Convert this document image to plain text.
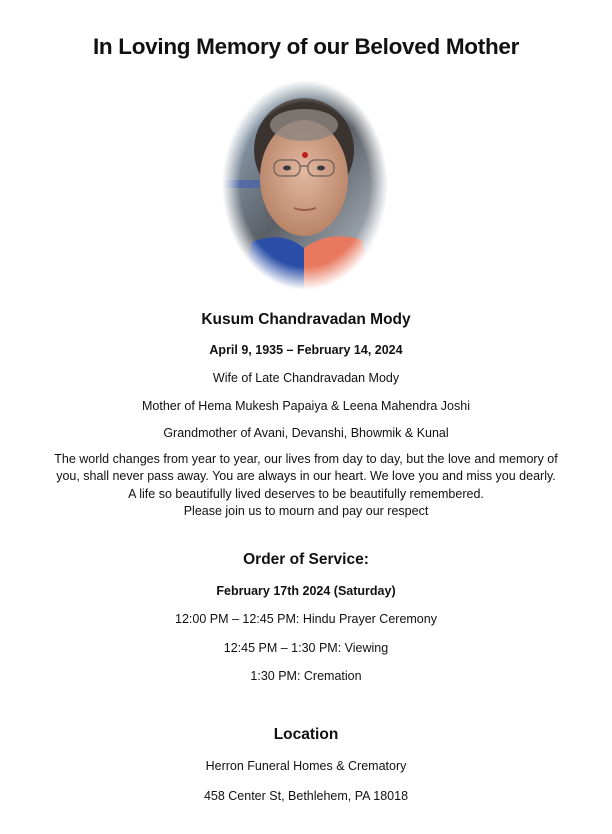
In Loving Memory of our Beloved Mother
Kusum Chandravadan Mody
April 9, 1935 – February 14, 2024
Wife of Late Chandravadan Mody
Mother of Hema Mukesh Papaiya & Leena Mahendra Joshi
Grandmother of Avani, Devanshi, Bhowmik & Kunal
The world changes from year to year, our lives from day to day, but the love and memory of
you, shall never pass away. You are always in our heart. We love you and miss you dearly.
A life so beautifully lived deserves to be beautifully remembered.
Please join us to mourn and pay our respect
Order of Service:
February 17th 2024 (Saturday)
12:00 PM – 12:45 PM: Hindu Prayer Ceremony
12:45 PM – 1:30 PM: Viewing
1:30 PM: Cremation
Location
Herron Funeral Homes & Crematory
458 Center St, Bethlehem, PA 18018
